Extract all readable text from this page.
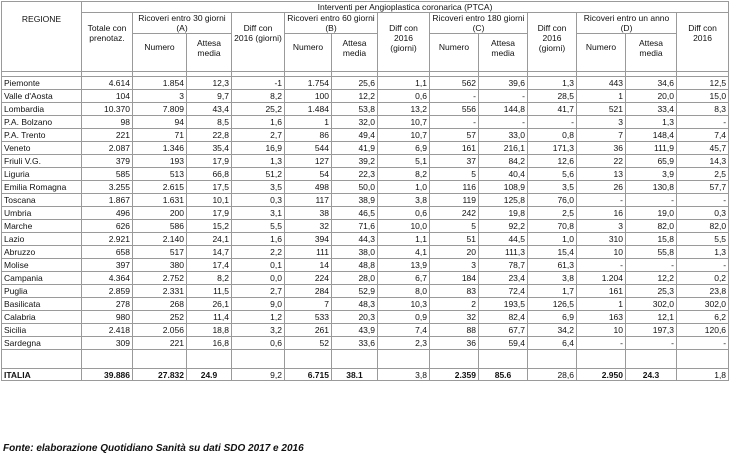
REGIONE	Interventi per Angioplastica coronarica (PTCA)												
	Totale con prenotaz.	Ricoveri entro 30 giorni (A)		Diff con 2016 (giorni)	Ricoveri entro 60 giorni (B)		Diff con 2016 (giorni)	Ricoveri entro 180 giorni (C)		Diff con 2016 (giorni)	Ricoveri entro un anno (D)		Diff con 2016
		Numero	Attesa media		Numero	Attesa media		Numero	Attesa media		Numero	Attesa media	

Piemonte	4.614	1.854	12,3	-1	1.754	25,6	1,1	562	39,6	1,3	443	34,6	12,5
Valle d'Aosta	104	3	9,7	8,2	100	12,2	0,6	-	-	28,5	1	20,0	15,0
Lombardia	10.370	7.809	43,4	25,2	1.484	53,8	13,2	556	144,8	41,7	521	33,4	8,3
P.A. Bolzano	98	94	8,5	1,6	1	32,0	10,7	-	-	-	3	1,3	-
P.A. Trento	221	71	22,8	2,7	86	49,4	10,7	57	33,0	0,8	7	148,4	7,4
Veneto	2.087	1.346	35,4	16,9	544	41,9	6,9	161	216,1	171,3	36	111,9	45,7
Friuli V.G.	379	193	17,9	1,3	127	39,2	5,1	37	84,2	12,6	22	65,9	14,3
Liguria	585	513	66,8	51,2	54	22,3	8,2	5	40,4	5,6	13	3,9	2,5
Emilia Romagna	3.255	2.615	17,5	3,5	498	50,0	1,0	116	108,9	3,5	26	130,8	57,7
Toscana	1.867	1.631	10,1	0,3	117	38,9	3,8	119	125,8	76,0	-	-	-
Umbria	496	200	17,9	3,1	38	46,5	0,6	242	19,8	2,5	16	19,0	0,3
Marche	626	586	15,2	5,5	32	71,6	10,0	5	92,2	70,8	3	82,0	82,0
Lazio	2.921	2.140	24,1	1,6	394	44,3	1,1	51	44,5	1,0	310	15,8	5,5
Abruzzo	658	517	14,7	2,2	111	38,0	4,1	20	111,3	15,4	10	55,8	1,3
Molise	397	380	17,4	0,1	14	48,8	13,9	3	78,7	61,3	-	-	-
Campania	4.364	2.752	8,2	0,0	224	28,0	6,7	184	23,4	3,8	1.204	12,2	0,2
Puglia	2.859	2.331	11,5	2,7	284	52,9	8,0	83	72,4	1,7	161	25,3	23,8
Basilicata	278	268	26,1	9,0	7	48,3	10,3	2	193,5	126,5	1	302,0	302,0
Calabria	980	252	11,4	1,2	533	20,3	0,9	32	82,4	6,9	163	12,1	6,2
Sicilia	2.418	2.056	18,8	3,2	261	43,9	7,4	88	67,7	34,2	10	197,3	120,6
Sardegna	309	221	16,8	0,6	52	33,6	2,3	36	59,4	6,4	-	-	-

ITALIA	39.886	27.832	24.9	9,2	6.715	38.1	3,8	2.359	85.6	28,6	2.950	24.3	1,8
Fonte: elaborazione Quotidiano Sanità su dati SDO 2017 e 2016
